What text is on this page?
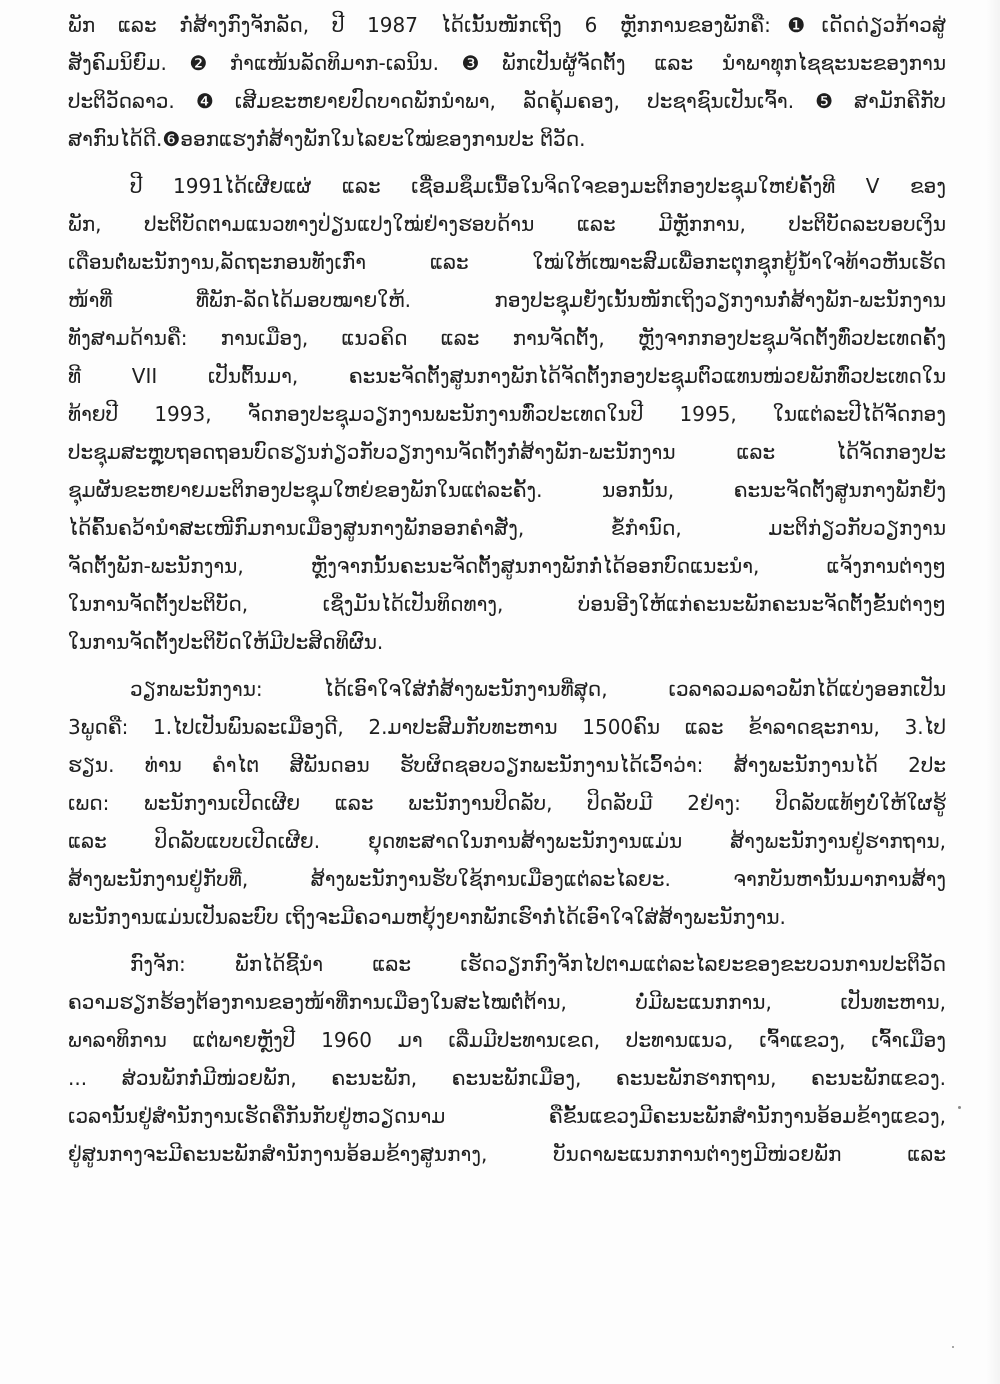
ພັກ ແລະ ກໍ່ສ້າງກົງຈັກລັດ, ປີ 1987 ໄດ້ເນັ້ນໜັກເຖິງ 6 ຫຼັກການຂອງພັກຄື:❶ເດັດດ່ຽວກ້າວສູ່
ສັງຄົມນິຍົມ.❷ກໍາແໜ້ນລັດທິມາກ-ເລນິນ.❸ພັກເປັນຜູ້ຈັດຕັ້ງ ແລະ ນໍາພາທຸກໄຊຊະນະຂອງການ
ປະຕິວັດລາວ.❹ເສີມຂະຫຍາຍປົດບາດພັກນໍາພາ, ລັດຄຸ້ມຄອງ, ປະຊາຊົນເປັນເຈົ້າ.❺ສາມັກຄີກັບ
ສາກົນໄດ້ດີ.❻ອອກແຮງກໍ່ສ້າງພັກໃນໄລຍະໃໝ່ຂອງການປະ ຕິວັດ.
ປີ 1991ໄດ້ເຜີຍແຜ່ ແລະ ເຊື່ອມຊຶມເນື້ອໃນຈິດໃຈຂອງມະຕິກອງປະຊຸມໃຫຍ່ຄັ້ງທີ V ຂອງ
ພັກ, ປະຕິບັດຕາມແນວທາງປ່ຽນແປງໃໝ່ຢ່າງຮອບດ້ານ ແລະ ມີຫຼັກການ, ປະຕິບັດລະບອບເງິນ
ເດືອນຕໍ່ພະນັກງານ,ລັດຖະກອນທັງເກົ່າ ແລະ ໃໝ່ໃຫ້ເໝາະສົມເພື່ອກະຕຸກຊຸກຍູ້ນໍ້າໃຈທ້າວຫັນເຮັດ
ໜ້າທີ່ ທີ່ພັກ-ລັດໄດ້ມອບໝາຍໃຫ້. ກອງປະຊຸມຍັງເນັ້ນໜັກເຖິງວຽກງານກໍ່ສ້າງພັກ-ພະນັກງານ
ທັງສາມດ້ານຄື: ການເມືອງ, ແນວຄິດ ແລະ ການຈັດຕັ້ງ, ຫຼັງຈາກກອງປະຊຸມຈັດຕັ້ງທົ່ວປະເທດຄັ້ງ
ທີ VII ເປັນຕົ້ນມາ, ຄະນະຈັດຕັ້ງສູນກາງພັກໄດ້ຈັດຕັ້ງກອງປະຊຸມຕົວແທນໜ່ວຍພັກທົ່ວປະເທດໃນ
ທ້າຍປີ 1993, ຈັດກອງປະຊຸມວຽກງານພະນັກງານທົ່ວປະເທດໃນປີ 1995, ໃນແຕ່ລະປີໄດ້ຈັດກອງ
ປະຊຸມສະຫຼຸບຖອດຖອນບົດຮຽນກ່ຽວກັບວຽກງານຈັດຕັ້ງກໍ່ສ້າງພັກ-ພະນັກງານ ແລະ ໄດ້ຈັດກອງປະ
ຊຸມຜັນຂະຫຍາຍມະຕິກອງປະຊຸມໃຫຍ່ຂອງພັກໃນແຕ່ລະຄັ້ງ. ນອກນັ້ນ, ຄະນະຈັດຕັ້ງສູນກາງພັກຍັງ
ໄດ້ຄົ້ນຄວ້ານໍາສະເໜີກົມການເມືອງສູນກາງພັກອອກຄໍາສັ່ງ, ຂໍ້ກໍານົດ, ມະຕິກ່ຽວກັບວຽກງານ
ຈັດຕັ້ງພັກ-ພະນັກງານ, ຫຼັງຈາກນັ້ນຄະນະຈັດຕັ້ງສູນກາງພັກກໍ່ໄດ້ອອກບົດແນະນໍາ, ແຈ້ງການຕ່າງໆ
ໃນການຈັດຕັ້ງປະຕິບັດ, ເຊິ່ງມັນໄດ້ເປັນທິດທາງ, ບ່ອນອີງໃຫ້ແກ່ຄະນະພັກຄະນະຈັດຕັ້ງຂັ້ນຕ່າງໆ
ໃນການຈັດຕັ້ງປະຕິບັດໃຫ້ມີປະສິດທິຜົນ.
ວຽກພະນັກງານ: ໄດ້ເອົາໃຈໃສ່ກໍ່ສ້າງພະນັກງານທີ່ສຸດ, ເວລາລວມລາວພັກໄດ້ແບ່ງອອກເປັນ
3ພູດຄື: 1.ໄປເປັນພົນລະເມືອງດີ, 2.ມາປະສົມກັບທະຫານ 1500ຄົນ ແລະ ຂ້າລາດຊະການ, 3.ໄປ
ຮຽນ. ທ່ານ ຄໍາໄຕ ສີພັນດອນ ຮັບຜິດຊອບວຽກພະນັກງານໄດ້ເວົ້າວ່າ: ສ້າງພະນັກງານໄດ້ 2ປະ
ເພດ: ພະນັກງານເປີດເຜີຍ ແລະ ພະນັກງານປິດລັບ, ປິດລັບມີ 2ຢ່າງ: ປິດລັບແທ້ໆບໍ່ໃຫ້ໃຜຮູ້
ແລະ ປິດລັບແບບເປີດເຜີຍ. ຍຸດທະສາດໃນການສ້າງພະນັກງານແມ່ນ ສ້າງພະນັກງານຢູ່ຮາກຖານ,
ສ້າງພະນັກງານຢູ່ກັບທີ່, ສ້າງພະນັກງານຮັບໃຊ້ການເມືອງແຕ່ລະໄລຍະ. ຈາກບັນຫານັ້ນມາການສ້າງ
ພະນັກງານແມ່ນເປັນລະບົບ ເຖິງຈະມີຄວາມຫຍຸ້ງຍາກພັກເຮົາກໍ່ໄດ້ເອົາໃຈໃສ່ສ້າງພະນັກງານ.
ກົງຈັກ: ພັກໄດ້ຊີ້ນໍາ ແລະ ເຮັດວຽກກົງຈັກໄປຕາມແຕ່ລະໄລຍະຂອງຂະບວນການປະຕິວັດ
ຄວາມຮຽກຮ້ອງຕ້ອງການຂອງໜ້າທີ່ການເມືອງໃນສະໄໝຕໍ່ຕ້ານ, ບໍ່ມີພະແນກການ, ເປັນທະຫານ,
ພາລາທິການ ແຕ່ພາຍຫຼັງປີ 1960 ມາ ເລີ່ມມີປະທານເຂດ, ປະທານແນວ, ເຈົ້າແຂວງ, ເຈົ້າເມືອງ
... ສ່ວນພັກກໍ່ມີໜ່ວຍພັກ, ຄະນະພັກ, ຄະນະພັກເມືອງ, ຄະນະພັກຮາກຖານ, ຄະນະພັກແຂວງ.
ເວລານັ້ນຢູ່ສໍານັກງານເຮັດຄືກັນກັບຢູ່ຫວຽດນາມ ຄືຂັ້ນແຂວງມີຄະນະພັກສໍານັກງານອ້ອມຂ້າງແຂວງ,
ຢູ່ສູນກາງຈະມີຄະນະພັກສໍານັກງານອ້ອມຂ້າງສູນກາງ, ບັນດາພະແນກການຕ່າງໆມີໜ່ວຍພັກ ແລະ
